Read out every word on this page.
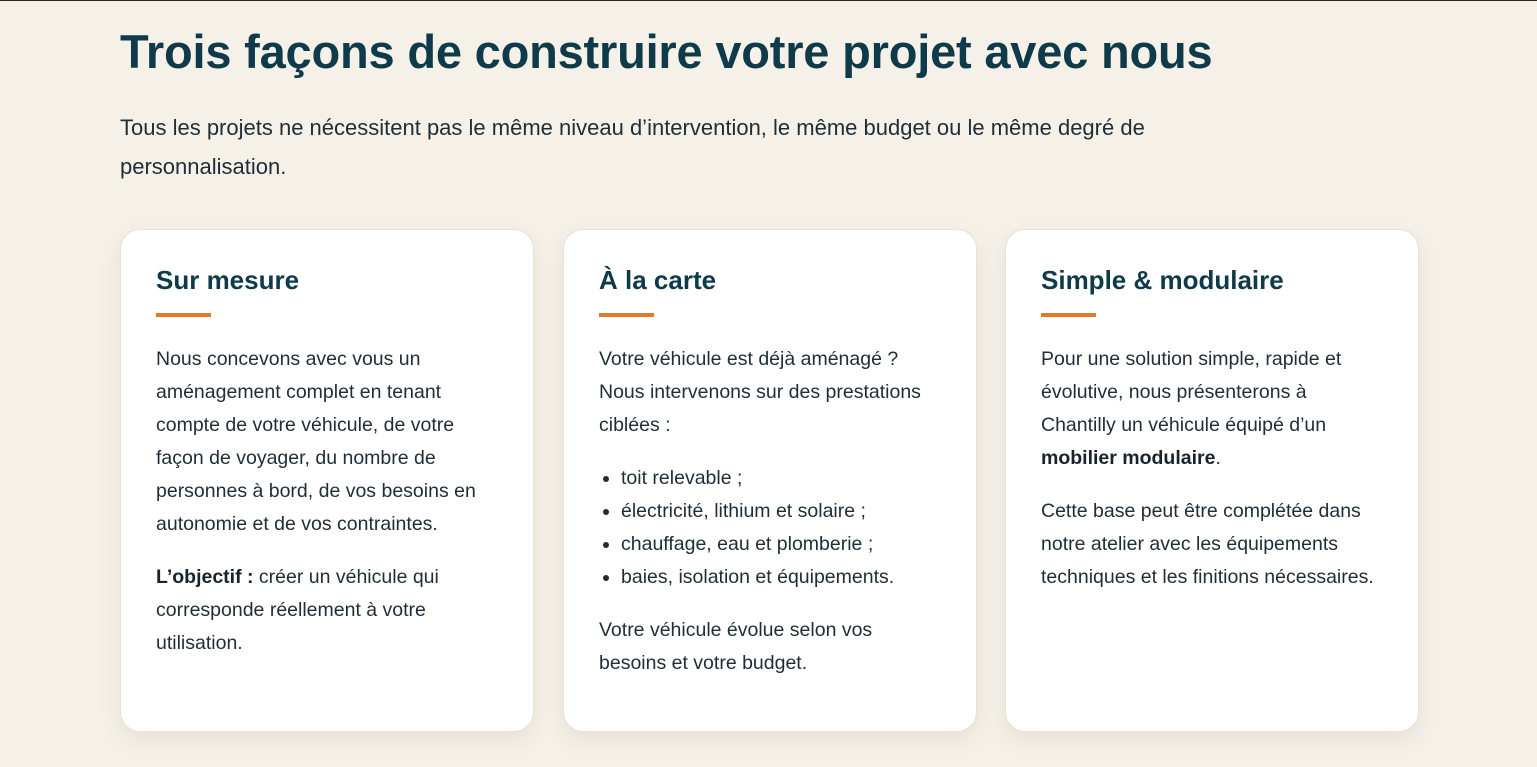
Trois façons de construire votre projet avec nous

Tous les projets ne nécessitent pas le même niveau d’intervention, le même budget ou le même degré de personnalisation.

Sur mesure

Nous concevons avec vous un aménagement complet en tenant compte de votre véhicule, de votre façon de voyager, du nombre de personnes à bord, de vos besoins en autonomie et de vos contraintes.

L’objectif : créer un véhicule qui corresponde réellement à votre utilisation.

À la carte

Votre véhicule est déjà aménagé ? Nous intervenons sur des prestations ciblées :

• toit relevable ;
• électricité, lithium et solaire ;
• chauffage, eau et plomberie ;
• baies, isolation et équipements.

Votre véhicule évolue selon vos besoins et votre budget.

Simple & modulaire

Pour une solution simple, rapide et évolutive, nous présenterons à Chantilly un véhicule équipé d’un mobilier modulaire.

Cette base peut être complétée dans notre atelier avec les équipements techniques et les finitions nécessaires.
